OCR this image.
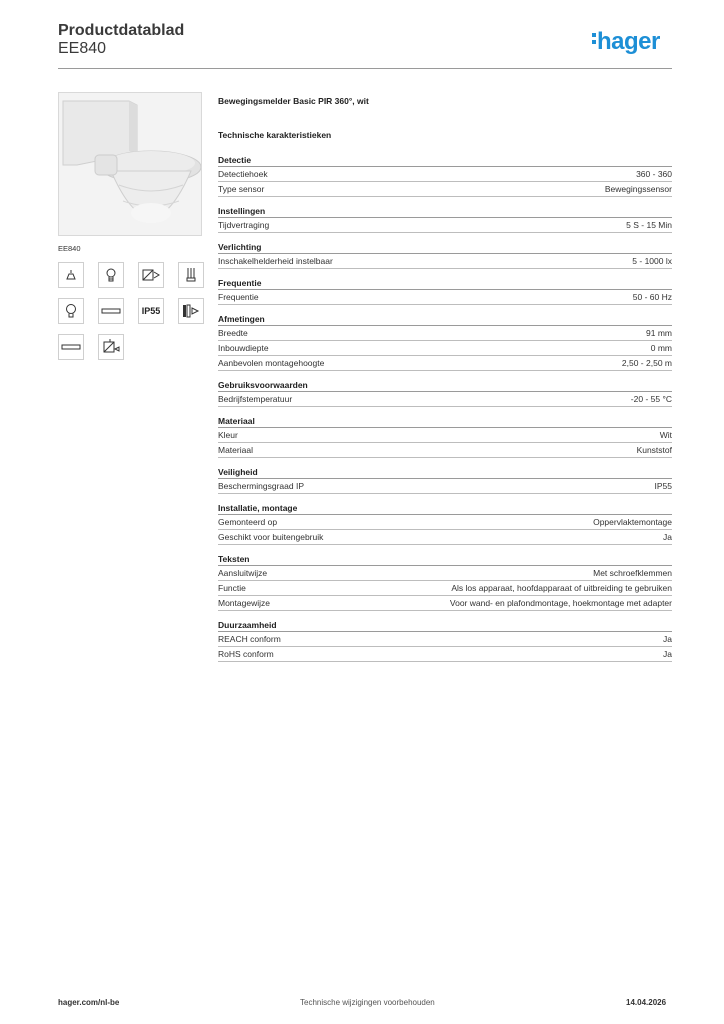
Productdatablad
EE840	hager
EE840
IP55
Bewegingsmelder Basic PIR 360°, wit
Technische karakteristieken
Detectie
Detectiehoek	360 - 360
Type sensor	Bewegingssensor
Instellingen
Tijdvertraging	5 S - 15 Min
Verlichting
Inschakelhelderheid instelbaar	5 - 1000 lx
Frequentie
Frequentie	50 - 60 Hz
Afmetingen
Breedte	91 mm
Inbouwdiepte	0 mm
Aanbevolen montagehoogte	2,50 - 2,50 m
Gebruiksvoorwaarden
Bedrijfstemperatuur	-20 - 55 °C
Materiaal
Kleur	Wit
Materiaal	Kunststof
Veiligheid
Beschermingsgraad IP	IP55
Installatie, montage
Gemonteerd op	Oppervlaktemontage
Geschikt voor buitengebruik	Ja
Teksten
Aansluitwijze	Met schroefklemmen
Functie	Als los apparaat, hoofdapparaat of uitbreiding te gebruiken
Montagewijze	Voor wand- en plafondmontage, hoekmontage met adapter
Duurzaamheid
REACH conform	Ja
RoHS conform	Ja
hager.com/nl-be	Technische wijzigingen voorbehouden	14.04.2026
